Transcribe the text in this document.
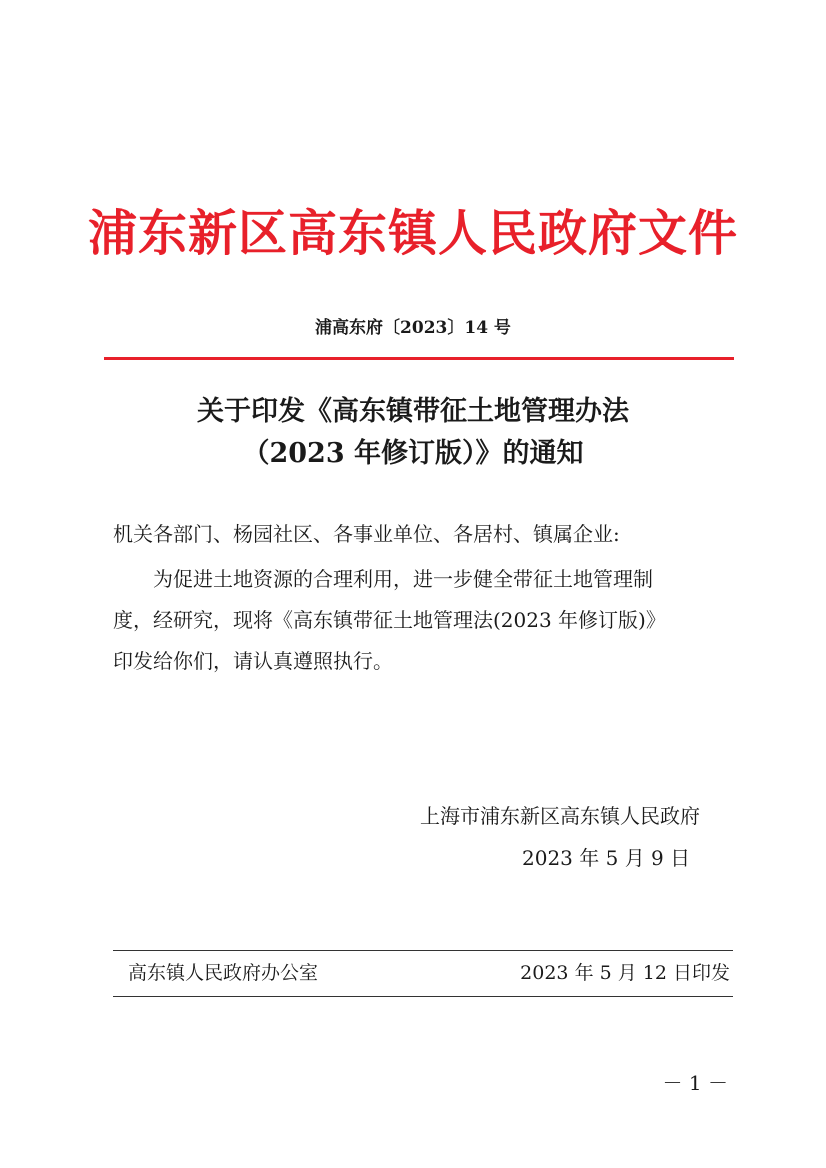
浦东新区高东镇人民政府文件
浦高东府〔2023〕14 号
关于印发《高东镇带征土地管理办法
（2023 年修订版）》的通知
机关各部门、杨园社区、各事业单位、各居村、镇属企业:
为促进土地资源的合理利用，进一步健全带征土地管理制
度，经研究，现将《高东镇带征土地管理法(2023 年修订版)》
印发给你们，请认真遵照执行。
上海市浦东新区高东镇人民政府
2023 年 5 月 9 日
高东镇人民政府办公室	2023 年 5 月 12 日印发
－ 1 －
